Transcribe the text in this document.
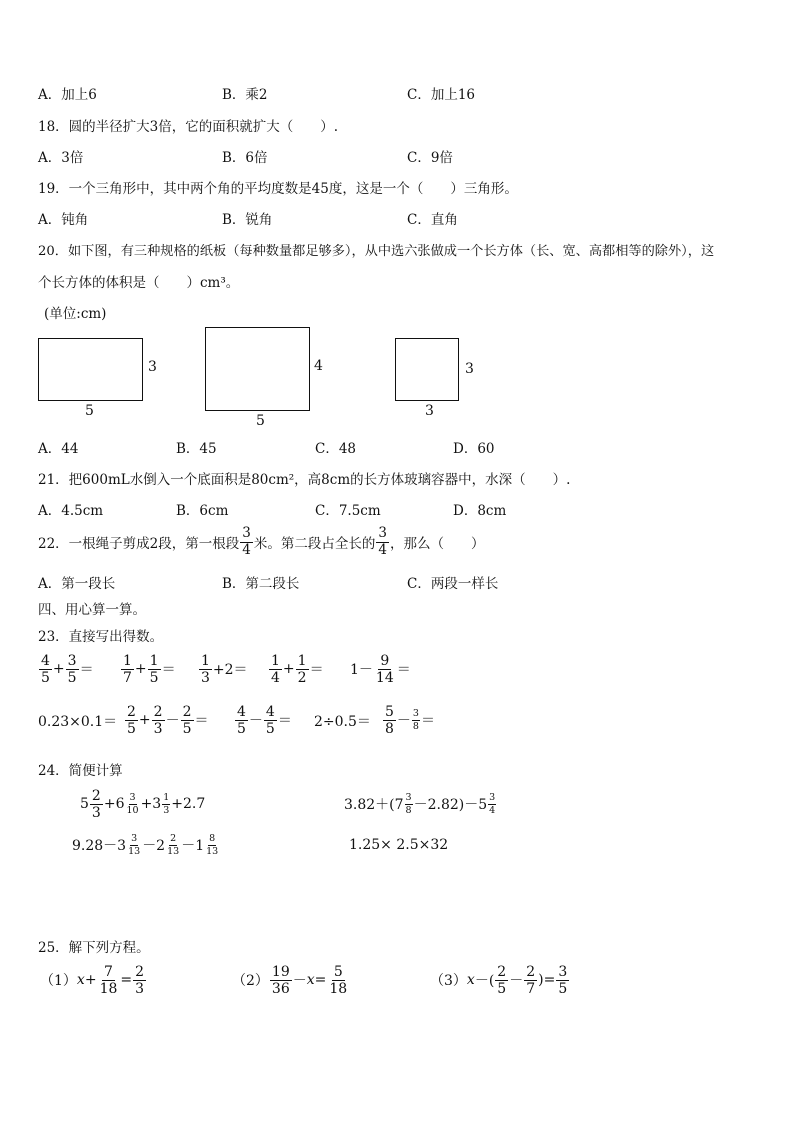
A．加上6	B．乘2	C．加上16
18．圆的半径扩大3倍，它的面积就扩大（　　）.
A．3倍	B．6倍	C．9倍
19．一个三角形中，其中两个角的平均度数是45度，这是一个（　　）三角形。
A．钝角	B．锐角	C．直角
20．如下图，有三种规格的纸板（每种数量都足够多），从中选六张做成一个长方体（长、宽、高都相等的除外），这
个长方体的体积是（　　）cm³。
(单位:cm)
3
5
4
5
3
3
A．44	B．45	C．48	D．60
21．把600mL水倒入一个底面积是80cm²，高8cm的长方体玻璃容器中，水深（　　）.
A．4.5cm	B．6cm	C．7.5cm	D．8cm
22．一根绳子剪成2段，第一根段 $\frac{3}{4}$ 米。第二段占全长的 $\frac{3}{4}$ ，那么（　　）
A．第一段长	B．第二段长	C．两段一样长
四、用心算一算。
23．直接写出得数。
$\frac{4}{5} + \frac{3}{5} = \frac{1}{7} + \frac{1}{5} = \frac{1}{3} +2= \frac{1}{4} + \frac{1}{2} = 1- \frac{9}{14}$ ＝
$0.23\times 0.1= \frac{2}{5} + \frac{2}{3} - \frac{2}{5} = \frac{4}{5} - \frac{4}{5} = 2\div 0.5= \frac{5}{8} - \frac{3}{8}$ ＝
24．简便计算
$5 \frac{2}{3} +6 \frac{3}{10} +3 \frac{1}{3} +2.7$	$3.82+(7 \frac{3}{8} -2.82)-5 \frac{3}{4}$
$9.28-3 \frac{3}{13} -2 \frac{2}{13} -1 \frac{8}{13}$	1.25× 2.5×32
25．解下列方程。
（1） $x + \frac{7}{18} = \frac{2}{3}$	$(2) \frac{19}{36} - x = \frac{5}{18}$	（3） x －( $\frac{2}{5} - \frac{2}{7}$ ) = $\frac{3}{5}$
